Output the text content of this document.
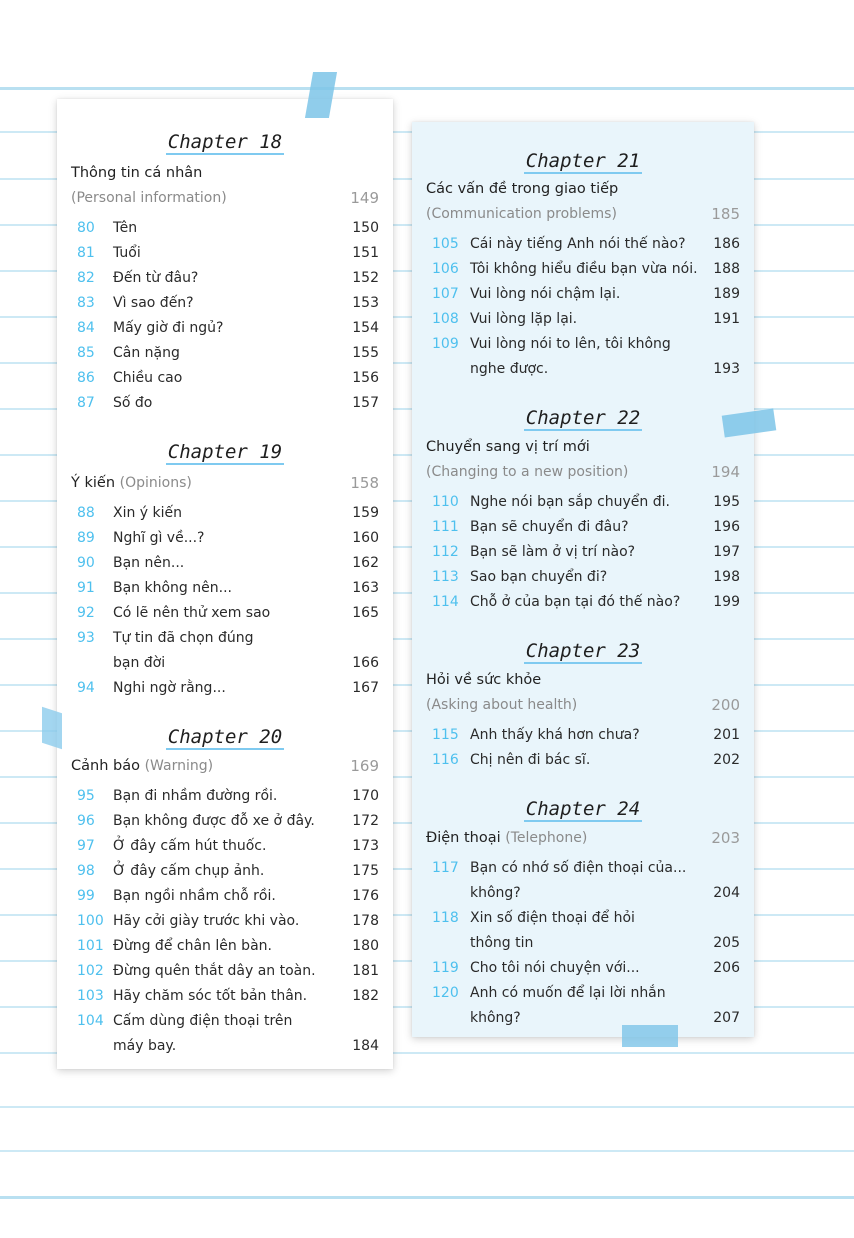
Chapter 18
Thông tin cá nhân
(Personal information)	149
80	Tên	150
81	Tuổi	151
82	Đến từ đâu?	152
83	Vì sao đến?	153
84	Mấy giờ đi ngủ?	154
85	Cân nặng	155
86	Chiều cao	156
87	Số đo	157
Chapter 19
Ý kiến (Opinions)	158
88	Xin ý kiến	159
89	Nghĩ gì về...?	160
90	Bạn nên...	162
91	Bạn không nên...	163
92	Có lẽ nên thử xem sao	165
93	Tự tin đã chọn đúng
bạn đời	166
94	Nghi ngờ rằng...	167
Chapter 20
Cảnh báo (Warning)	169
95	Bạn đi nhầm đường rồi.	170
96	Bạn không được đỗ xe ở đây.	172
97	Ở đây cấm hút thuốc.	173
98	Ở đây cấm chụp ảnh.	175
99	Bạn ngồi nhầm chỗ rồi.	176
100 Hãy cởi giày trước khi vào.	178
101 Đừng để chân lên bàn.	180
102 Đừng quên thắt dây an toàn.	181
103 Hãy chăm sóc tốt bản thân.	182
104 Cấm dùng điện thoại trên
máy bay.	184
Chapter 21
Các vấn đề trong giao tiếp
(Communication problems)	185
105 Cái này tiếng Anh nói thế nào?	186
106 Tôi không hiểu điều bạn vừa nói.	188
107 Vui lòng nói chậm lại.	189
108 Vui lòng lặp lại.	191
109 Vui lòng nói to lên, tôi không
nghe được.	193
Chapter 22
Chuyển sang vị trí mới
(Changing to a new position)	194
110 Nghe nói bạn sắp chuyển đi.	195
111 Bạn sẽ chuyển đi đâu?	196
112 Bạn sẽ làm ở vị trí nào?	197
113 Sao bạn chuyển đi?	198
114 Chỗ ở của bạn tại đó thế nào?	199
Chapter 23
Hỏi về sức khỏe
(Asking about health)	200
115 Anh thấy khá hơn chưa?	201
116 Chị nên đi bác sĩ.	202
Chapter 24
Điện thoại (Telephone)	203
117 Bạn có nhớ số điện thoại của...
không?	204
118 Xin số điện thoại để hỏi
thông tin	205
119 Cho tôi nói chuyện với...	206
120 Anh có muốn để lại lời nhắn
không?	207
